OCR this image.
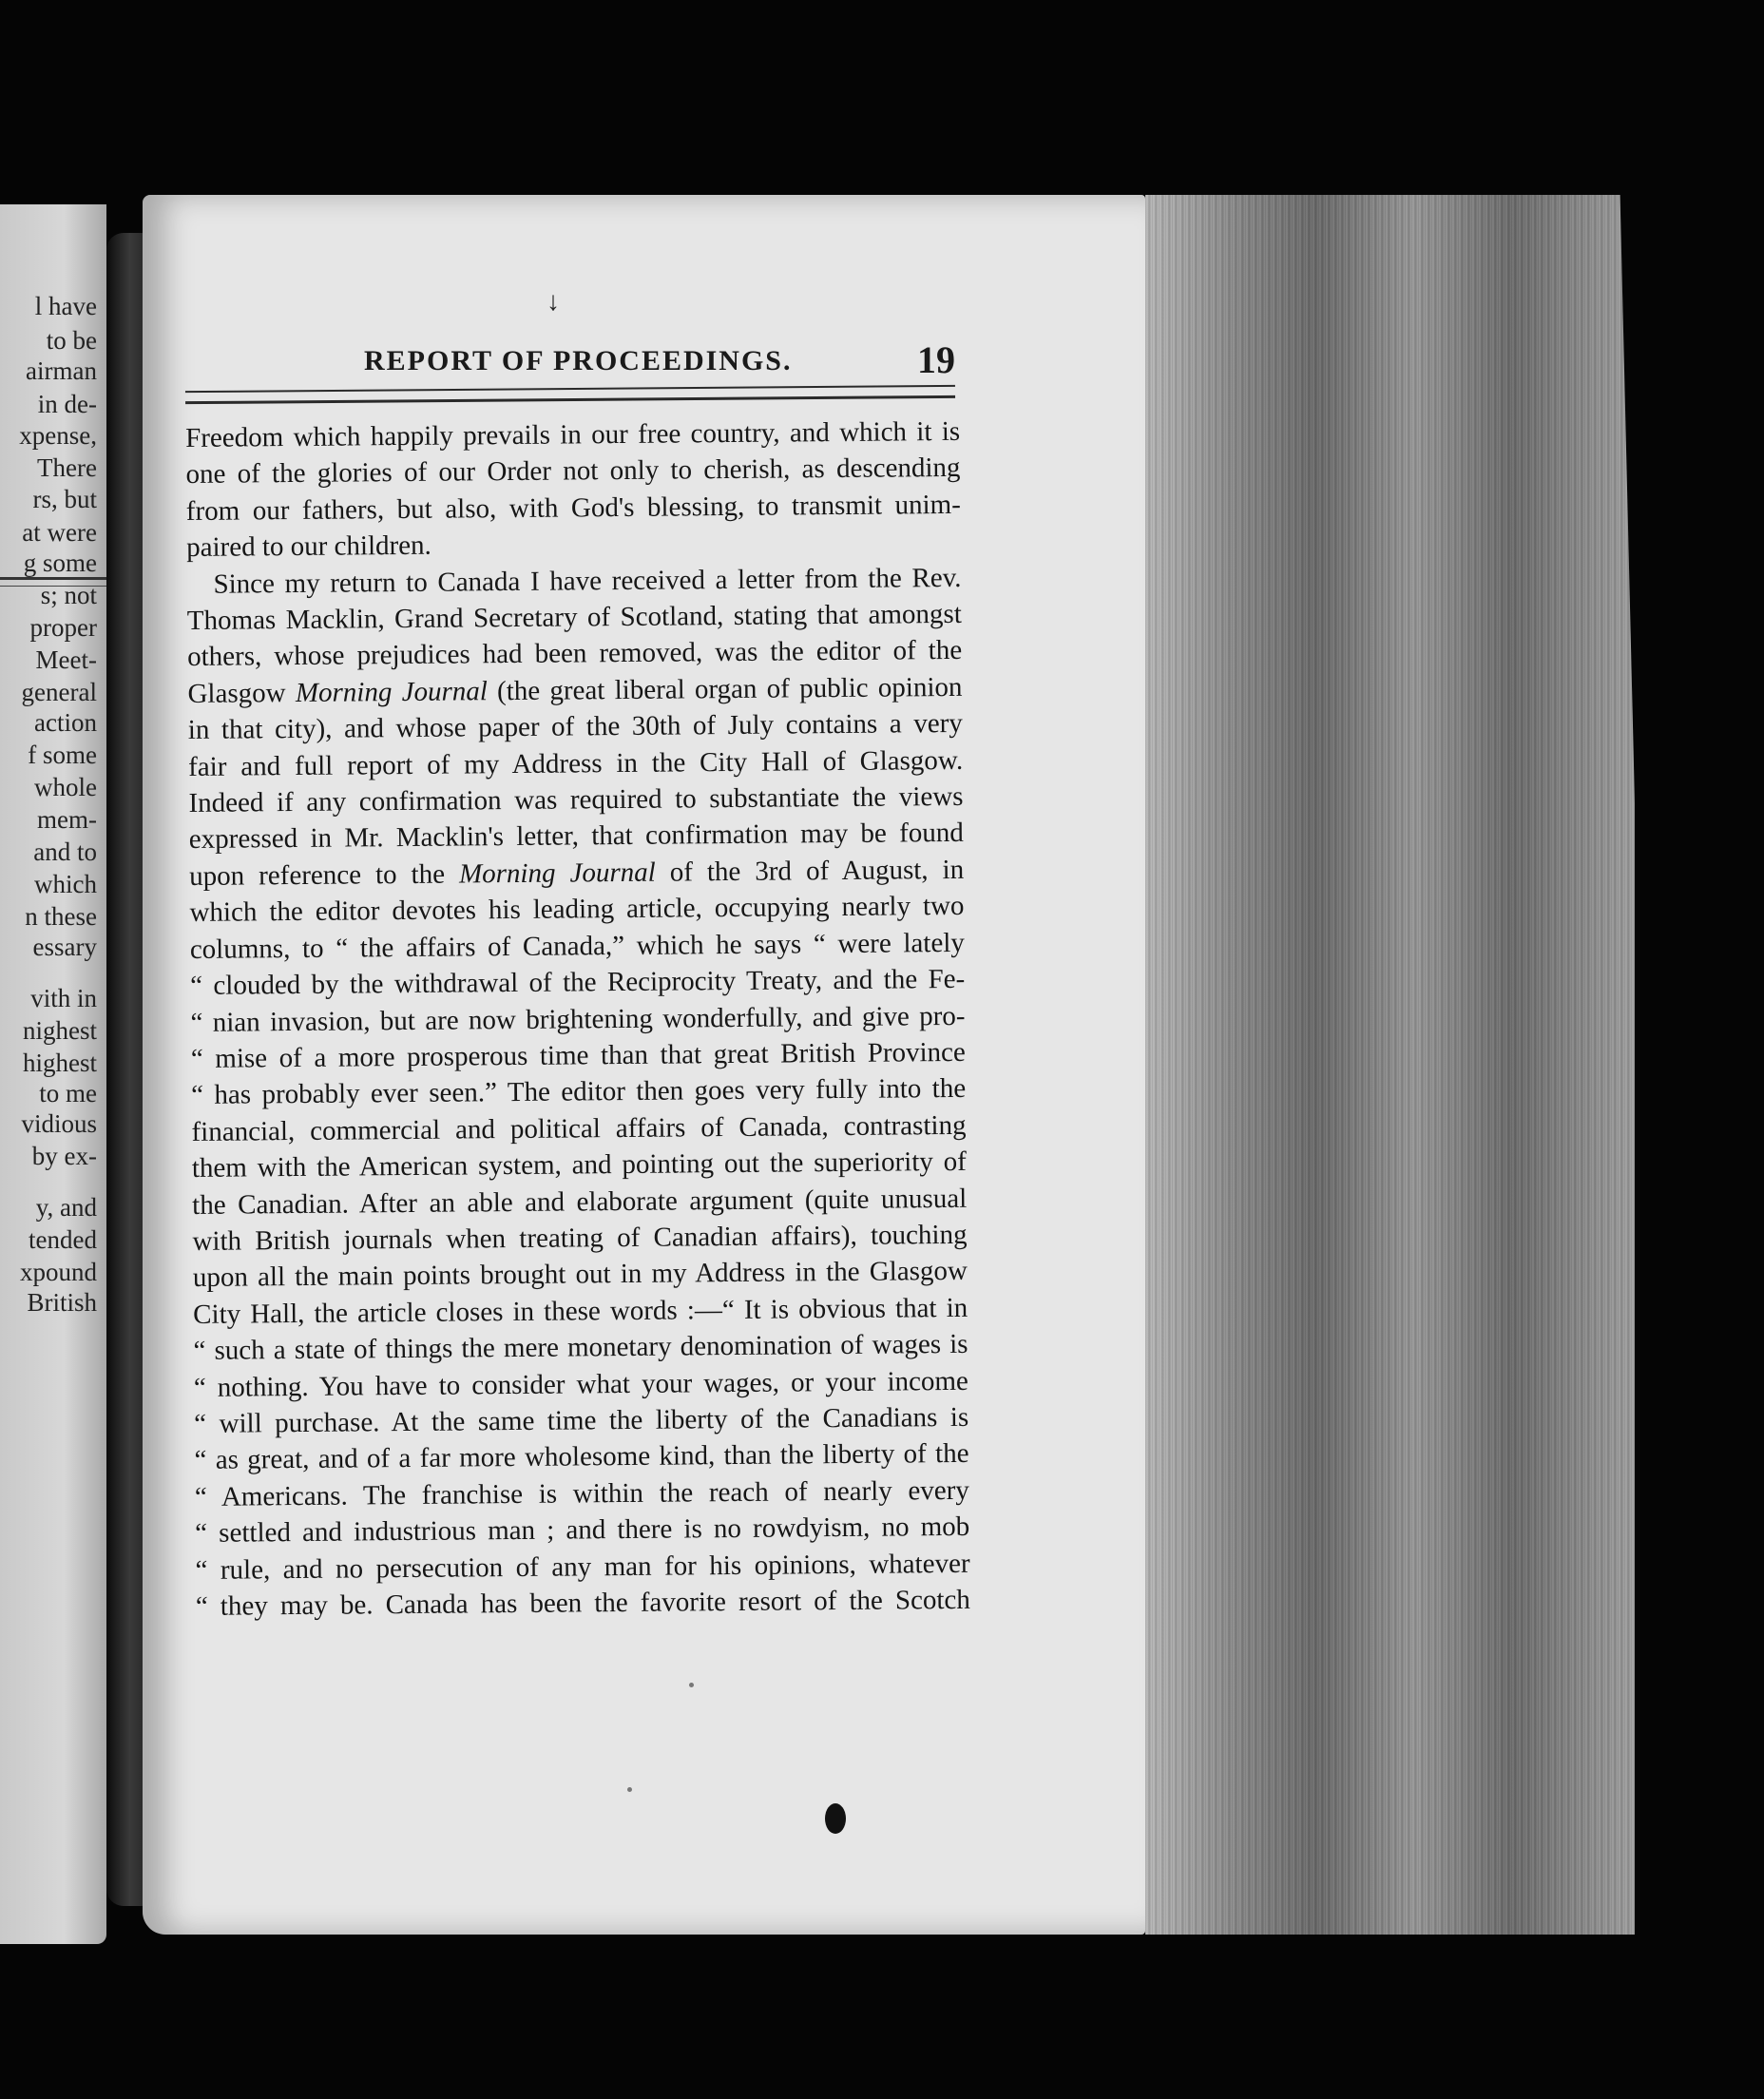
l have

to be

airman

in de-

xpense,

There

rs, but

at were

g some

s; not

proper

Meet-

general

action

f some

whole

mem-

and to

which

n these

essary

vith in

nighest

highest

to me

vidious

by ex-

y, and

tended

xpound

British

↓

REPORT OF PROCEEDINGS.	19

Freedom which happily prevails in our free country, and which it is

one of the glories of our Order not only to cherish, as descending

from our fathers, but also, with God's blessing, to transmit unim-

paired to our children.

Since my return to Canada I have received a letter from the Rev.

Thomas Macklin, Grand Secretary of Scotland, stating that amongst

others, whose prejudices had been removed, was the editor of the

Glasgow Morning Journal (the great liberal organ of public opinion

in that city), and whose paper of the 30th of July contains a very

fair and full report of my Address in the City Hall of Glasgow.

Indeed if any confirmation was required to substantiate the views

expressed in Mr. Macklin's letter, that confirmation may be found

upon reference to the Morning Journal of the 3rd of August, in

which the editor devotes his leading article, occupying nearly two

columns, to “ the affairs of Canada,” which he says “ were lately

“ clouded by the withdrawal of the Reciprocity Treaty, and the Fe-

“ nian invasion, but are now brightening wonderfully, and give pro-

“ mise of a more prosperous time than that great British Province

“ has probably ever seen.” The editor then goes very fully into the

financial, commercial and political affairs of Canada, contrasting

them with the American system, and pointing out the superiority of

the Canadian. After an able and elaborate argument (quite unusual

with British journals when treating of Canadian affairs), touching

upon all the main points brought out in my Address in the Glasgow

City Hall, the article closes in these words :—“ It is obvious that in

“ such a state of things the mere monetary denomination of wages is

“ nothing. You have to consider what your wages, or your income

“ will purchase. At the same time the liberty of the Canadians is

“ as great, and of a far more wholesome kind, than the liberty of the

“ Americans. The franchise is within the reach of nearly every

“ settled and industrious man ; and there is no rowdyism, no mob

“ rule, and no persecution of any man for his opinions, whatever

“ they may be. Canada has been the favorite resort of the Scotch
